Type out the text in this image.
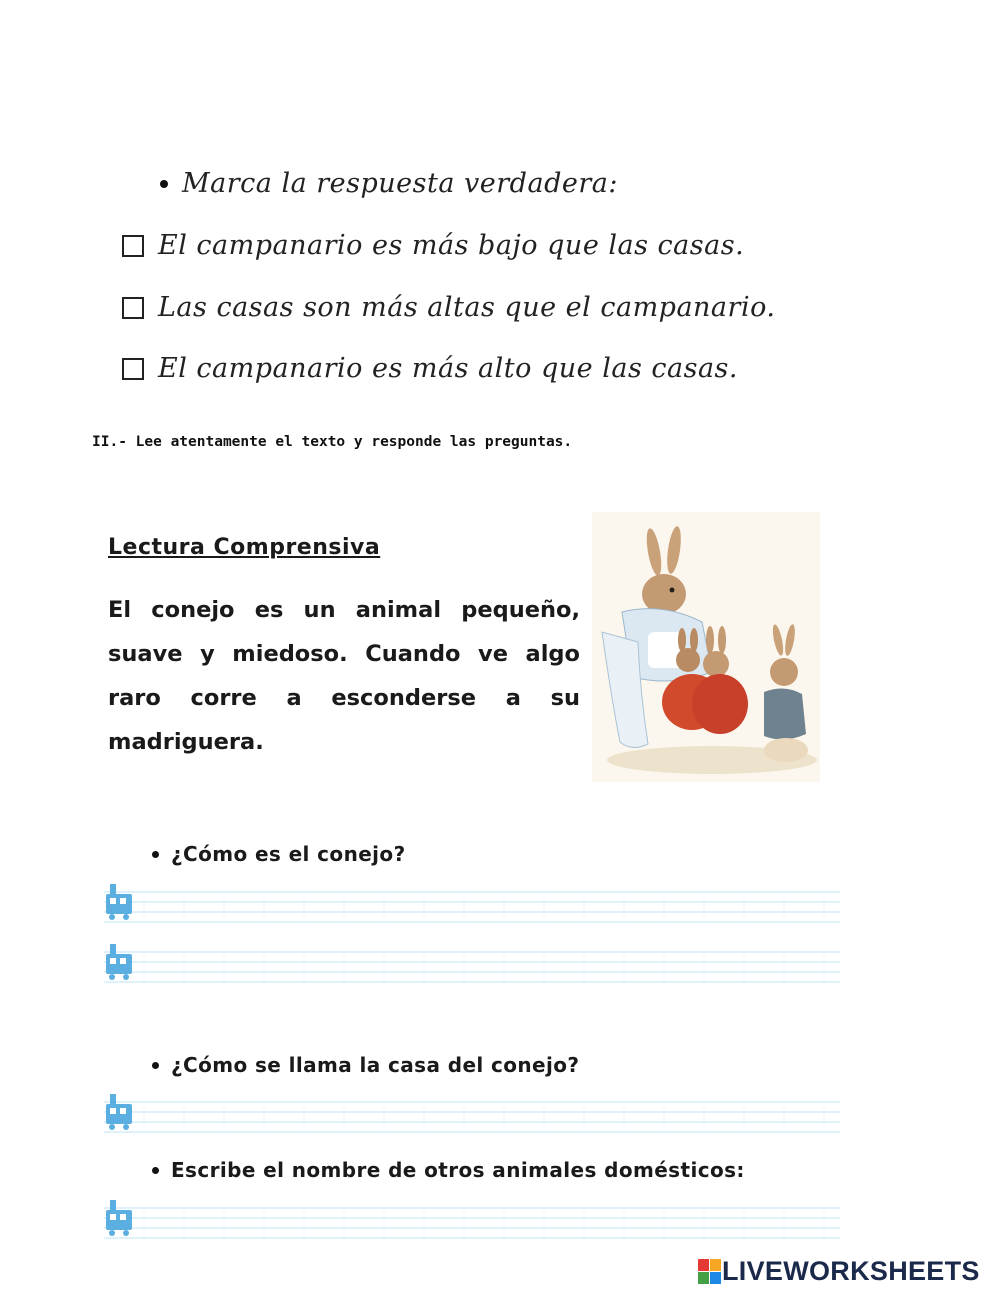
Marca la respuesta verdadera:
El campanario es más bajo que las casas.
Las casas son más altas que el campanario.
El campanario es más alto que las casas.
II.- Lee atentamente el texto y responde las preguntas.
Lectura Comprensiva
El conejo es un animal pequeño, suave y miedoso. Cuando ve algo raro corre a esconderse a su madriguera.
¿Cómo es el conejo?
¿Cómo se llama la casa del conejo?
Escribe el nombre de otros animales domésticos:
LIVEWORKSHEETS
